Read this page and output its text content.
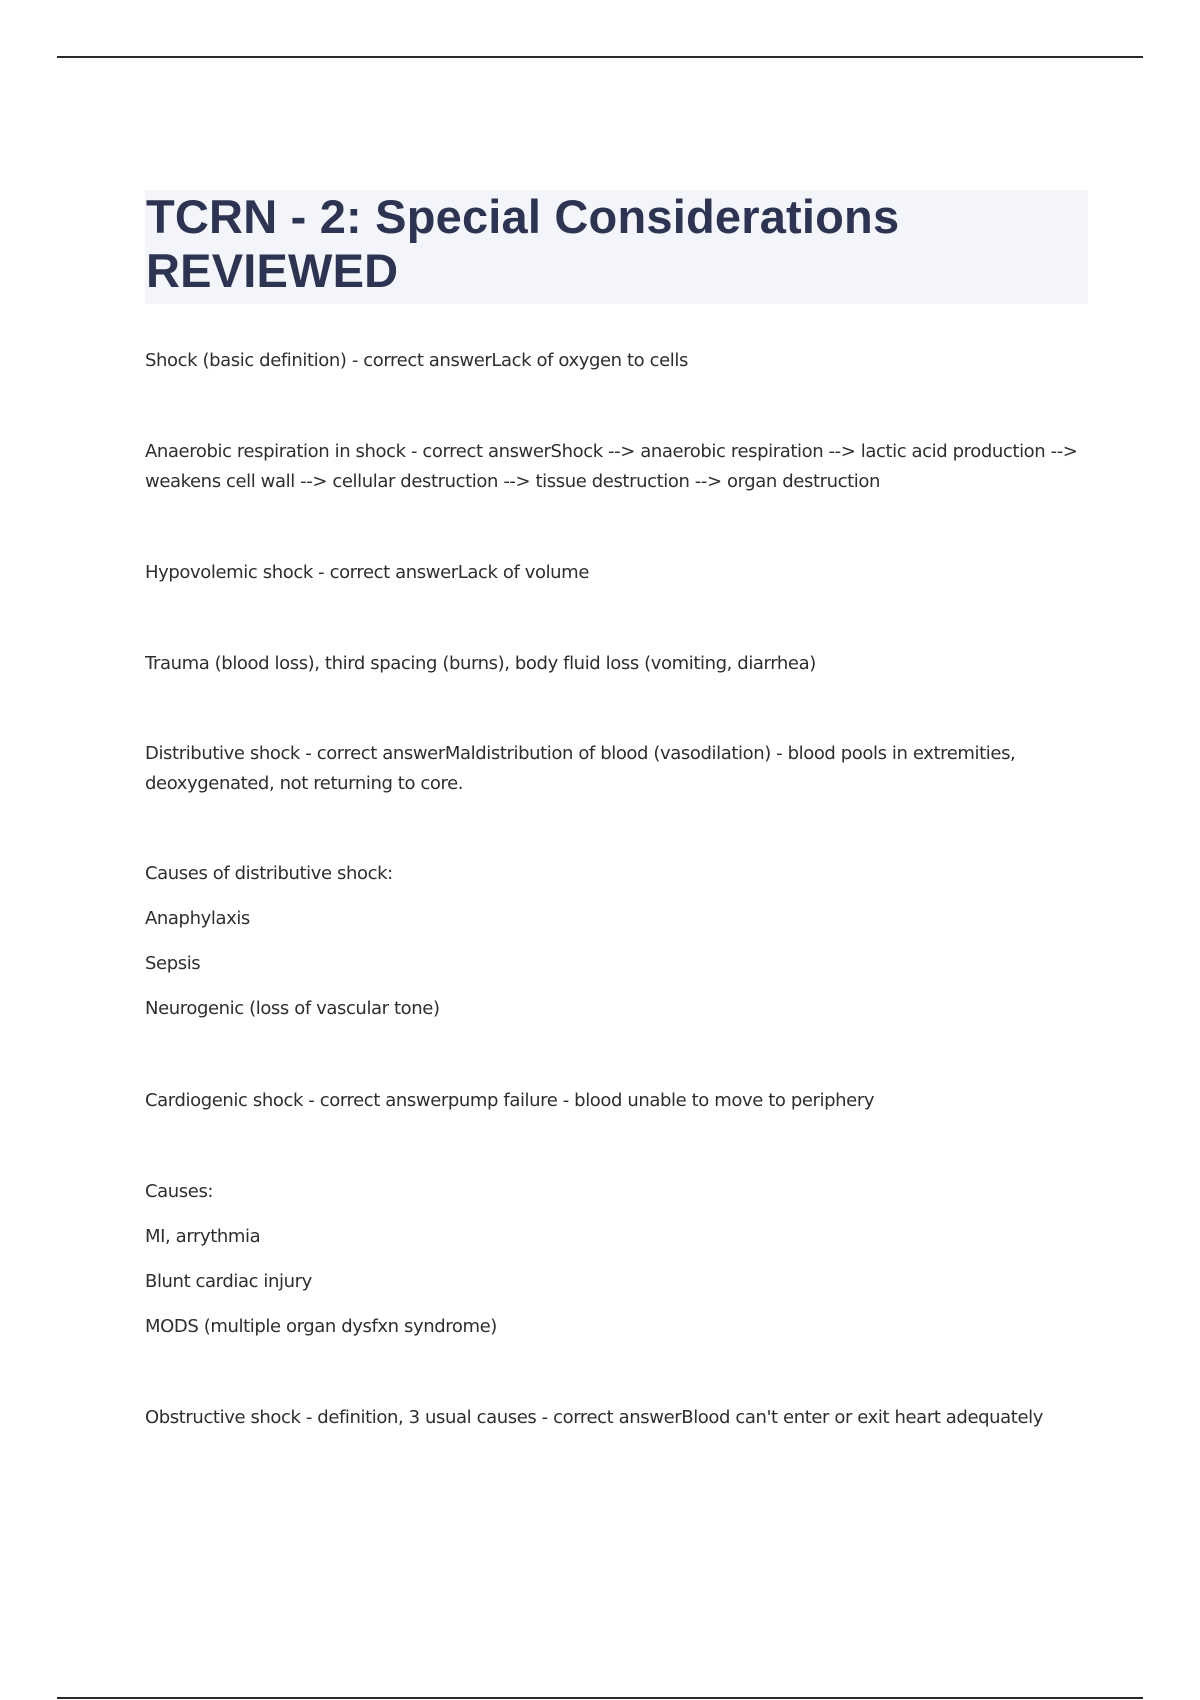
TCRN - 2: Special Considerations REVIEWED
Shock (basic definition) - correct answerLack of oxygen to cells
Anaerobic respiration in shock - correct answerShock --> anaerobic respiration --> lactic acid production --> weakens cell wall --> cellular destruction --> tissue destruction --> organ destruction
Hypovolemic shock - correct answerLack of volume
Trauma (blood loss), third spacing (burns), body fluid loss (vomiting, diarrhea)
Distributive shock - correct answerMaldistribution of blood (vasodilation) - blood pools in extremities, deoxygenated, not returning to core.
Causes of distributive shock:
Anaphylaxis
Sepsis
Neurogenic (loss of vascular tone)
Cardiogenic shock - correct answerpump failure - blood unable to move to periphery
Causes:
MI, arrythmia
Blunt cardiac injury
MODS (multiple organ dysfxn syndrome)
Obstructive shock - definition, 3 usual causes - correct answerBlood can't enter or exit heart adequately
